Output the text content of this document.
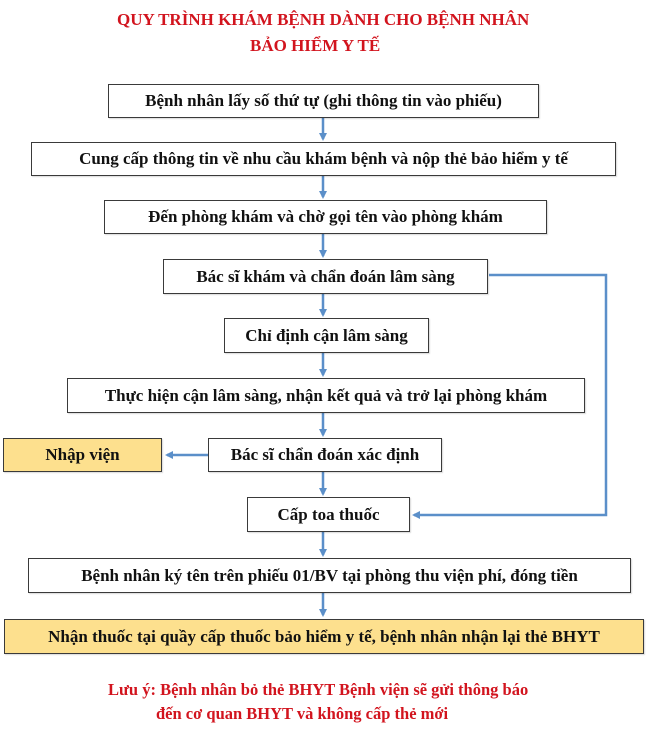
QUY TRÌNH KHÁM BỆNH DÀNH CHO BỆNH NHÂN
BẢO HIỂM Y TẾ
Bệnh nhân lấy số thứ tự (ghi thông tin vào phiếu)
Cung cấp thông tin về nhu cầu khám bệnh và nộp thẻ bảo hiểm y tế
Đến phòng khám và chờ gọi tên vào phòng khám
Bác sĩ khám và chẩn đoán lâm sàng
Chỉ định cận lâm sàng
Thực hiện cận lâm sàng, nhận kết quả và trở lại phòng khám
Nhập viện	Bác sĩ chẩn đoán xác định
Cấp toa thuốc
Bệnh nhân ký tên trên phiếu 01/BV tại phòng thu viện phí, đóng tiền
Nhận thuốc tại quầy cấp thuốc bảo hiểm y tế, bệnh nhân nhận lại thẻ BHYT
Lưu ý: Bệnh nhân bỏ thẻ BHYT Bệnh viện sẽ gửi thông báo
đến cơ quan BHYT và không cấp thẻ mới
